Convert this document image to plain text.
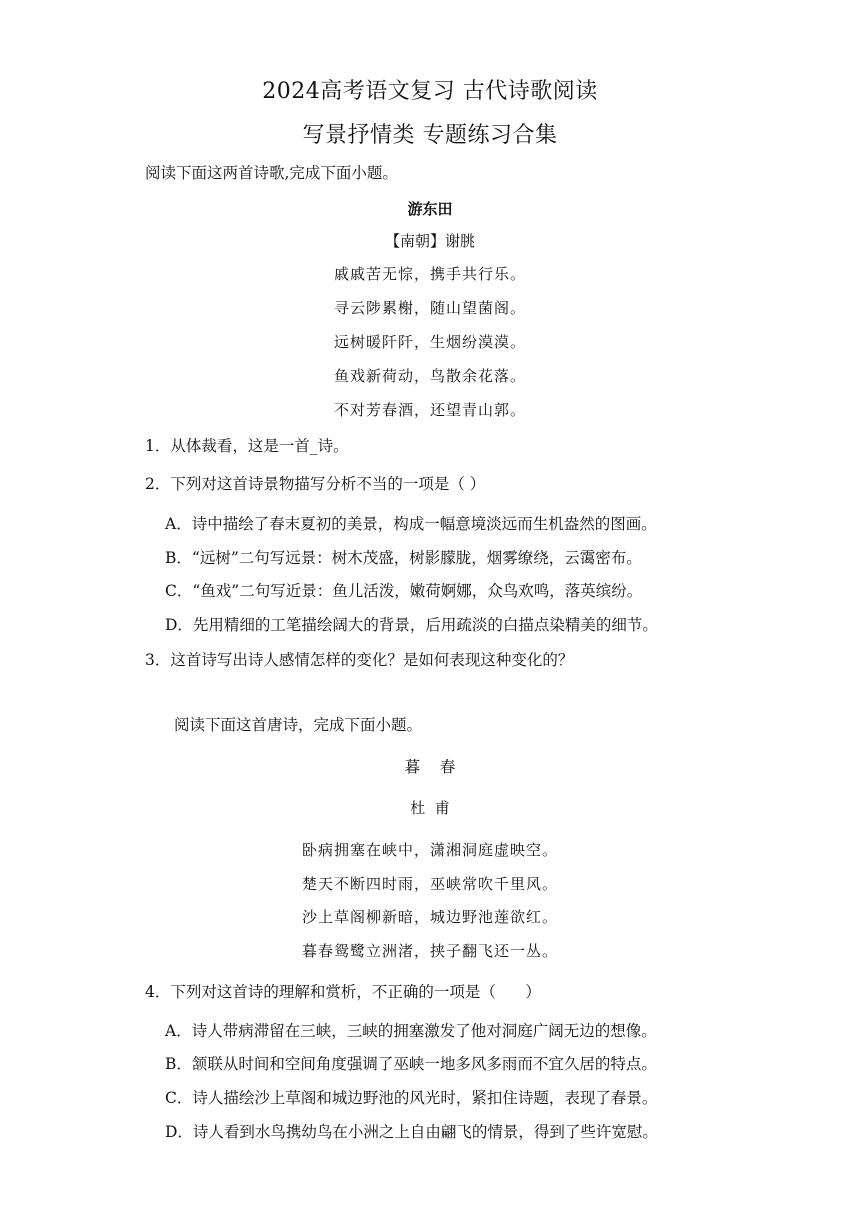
2024高考语文复习 古代诗歌阅读
写景抒情类 专题练习合集
阅读下面这两首诗歌,完成下面小题。
游东田
【南朝】谢朓
戚戚苦无悰，携手共行乐。
寻云陟累榭，随山望菌阁。
远树暖阡阡，生烟纷漠漠。
鱼戏新荷动，鸟散余花落。
不对芳春酒，还望青山郭。
1．从体裁看，这是一首_诗。
2．下列对这首诗景物描写分析不当的一项是（ ）
A．诗中描绘了春末夏初的美景，构成一幅意境淡远而生机盎然的图画。
B．“远树”二句写远景：树木茂盛，树影朦胧，烟雾缭绕，云霭密布。
C．“鱼戏”二句写近景：鱼儿活泼，嫩荷婀娜，众鸟欢鸣，落英缤纷。
D．先用精细的工笔描绘阔大的背景，后用疏淡的白描点染精美的细节。
3．这首诗写出诗人感情怎样的变化？是如何表现这种变化的？
阅读下面这首唐诗，完成下面小题。
暮    春
杜  甫
卧病拥塞在峡中，潇湘洞庭虚映空。
楚天不断四时雨，巫峡常吹千里风。
沙上草阁柳新暗，城边野池莲欲红。
暮春鸳鹭立洲渚，挟子翻飞还一丛。
4．下列对这首诗的理解和赏析，不正确的一项是（      ）
A．诗人带病滞留在三峡，三峡的拥塞激发了他对洞庭广阔无边的想像。
B．颔联从时间和空间角度强调了巫峡一地多风多雨而不宜久居的特点。
C．诗人描绘沙上草阁和城边野池的风光时，紧扣住诗题，表现了春景。
D．诗人看到水鸟携幼鸟在小洲之上自由翩飞的情景，得到了些许宽慰。
